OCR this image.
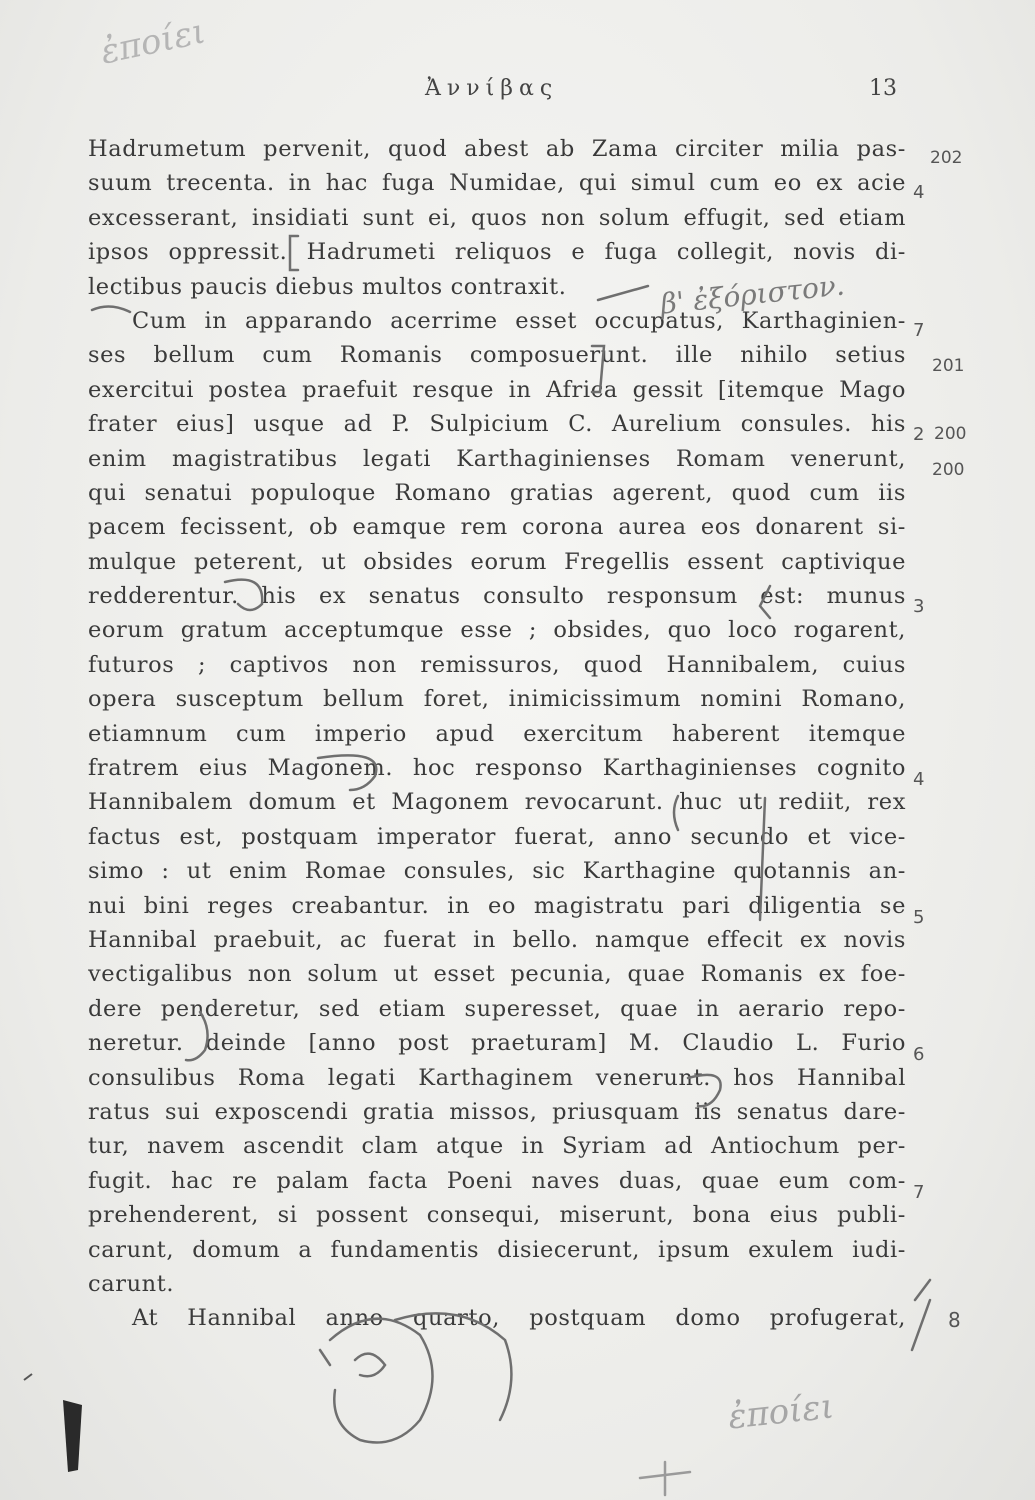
ἐποίει
Ἀννίβας	13
Hadrumetum pervenit, quod abest ab Zama circiter milia pas-
suum trecenta. in hac fuga Numidae, qui simul cum eo ex acie
excesserant, insidiati sunt ei, quos non solum effugit, sed etiam
ipsos oppressit. Hadrumeti reliquos e fuga collegit, novis di-
lectibus paucis diebus multos contraxit.
Cum in apparando acerrime esset occupatus, Karthaginien-
ses bellum cum Romanis composuerunt. ille nihilo setius
exercitui postea praefuit resque in Africa gessit [itemque Mago
frater eius] usque ad P. Sulpicium C. Aurelium consules. his
enim magistratibus legati Karthaginienses Romam venerunt,
qui senatui populoque Romano gratias agerent, quod cum iis
pacem fecissent, ob eamque rem corona aurea eos donarent si-
mulque peterent, ut obsides eorum Fregellis essent captivique
redderentur. his ex senatus consulto responsum est: munus
eorum gratum acceptumque esse ; obsides, quo loco rogarent,
futuros ; captivos non remissuros, quod Hannibalem, cuius
opera susceptum bellum foret, inimicissimum nomini Romano,
etiamnum cum imperio apud exercitum haberent itemque
fratrem eius Magonem. hoc responso Karthaginienses cognito
Hannibalem domum et Magonem revocarunt. huc ut rediit, rex
factus est, postquam imperator fuerat, anno secundo et vice-
simo : ut enim Romae consules, sic Karthagine quotannis an-
nui bini reges creabantur. in eo magistratu pari diligentia se
Hannibal praebuit, ac fuerat in bello. namque effecit ex novis
vectigalibus non solum ut esset pecunia, quae Romanis ex foe-
dere penderetur, sed etiam superesset, quae in aerario repo-
neretur. deinde [anno post praeturam] M. Claudio L. Furio
consulibus Roma legati Karthaginem venerunt. hos Hannibal
ratus sui exposcendi gratia missos, priusquam iis senatus dare-
tur, navem ascendit clam atque in Syriam ad Antiochum per-
fugit. hac re palam facta Poeni naves duas, quae eum com-
prehenderent, si possent consequi, miserunt, bona eius publi-
carunt, domum a fundamentis disiecerunt, ipsum exulem iudi-
carunt.
At Hannibal anno quarto, postquam domo profugerat,
202
4
7
201
2 200
200
3
4
5
6
7
8
β' ἐξόριστον.
ἐποίει
